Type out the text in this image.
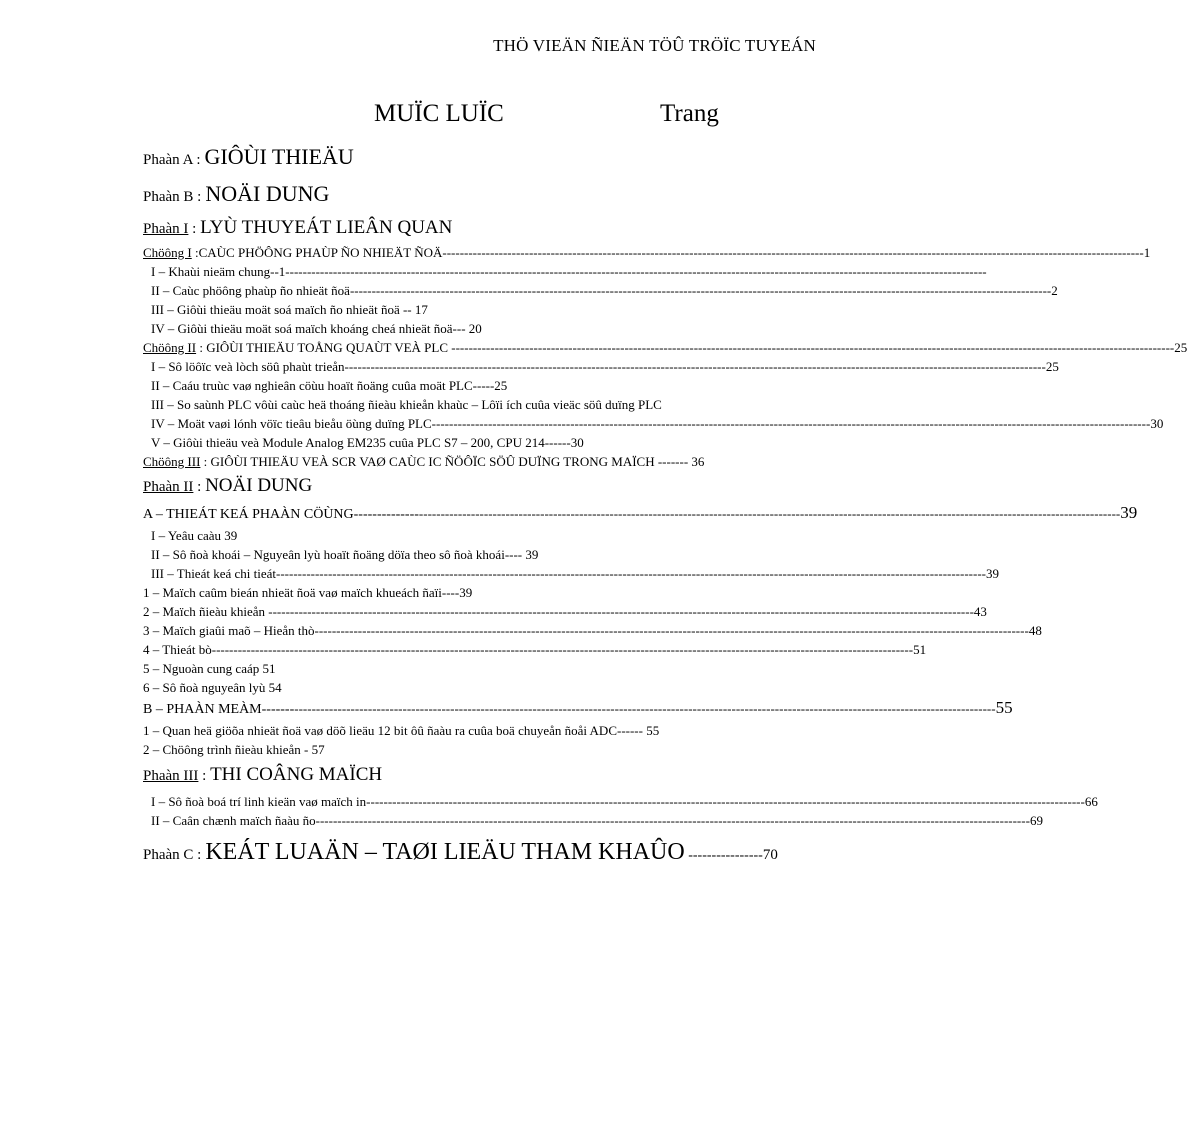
THÖ VIEÄN ÑIEÄN TÖÛ TRÖÏC TUYEÁN
MUÏC LUÏC	Trang
Phaàn A : GIÔÙI THIEÄU
Phaàn B : NOÄI DUNG
Phaàn I : LYÙ THUYEÁT LIEÂN QUAN
Chöông I :CAÙC PHÖÔNG PHAÙP ÑO NHIEÄT ÑOÄ ------------------------------------------------------------------------------------------------------------------------------------------------------------------ 1
I – Khaùi nieäm chung--1 ------------------------------------------------------------------------------------------------------------------------------------------------------------------
II – Caùc phöông phaùp ño nhieät ñoä ------------------------------------------------------------------------------------------------------------------------------------------------------------------ 2
III – Giôùi thieäu moät soá maïch ño nhieät ñoä -- 17
IV – Giôùi thieäu moät soá maïch khoáng cheá nhieät ñoä--- 20
Chöông II : GIÔÙI THIEÄU TOÅNG QUAÙT VEÀ PLC ----- ------------------------------------------------------------------------------------------------------------------------------------------------------------------ 25
I – Sô löôïc veà lòch söû phaùt trieån ------------------------------------------------------------------------------------------------------------------------------------------------------------------ 25
II – Caáu truùc vaø nghieân cöùu hoaït ñoäng cuûa moät PLC-----25
III – So saùnh PLC vôùi caùc heä thoáng ñieàu khieån khaùc – Lôïi ích cuûa vieäc söû duïng PLC
IV – Moät vaøi lónh vöïc tieâu bieåu öùng duïng PLC---- ------------------------------------------------------------------------------------------------------------------------------------------------------------------ 30
V – Giôùi thieäu veà Module Analog EM235 cuûa PLC S7 – 200, CPU 214------30
Chöông III : GIÔÙI THIEÄU VEÀ SCR VAØ CAÙC IC ÑÖÔÏC SÖÛ DUÏNG TRONG MAÏCH ------- 36
Phaàn II : NOÄI DUNG
A – THIEÁT KEÁ PHAÀN CÖÙNG-------------- ------------------------------------------------------------------------------------------------------------------------------------------------------------------ 39
I – Yeâu caàu 39
II – Sô ñoà khoái – Nguyeân lyù hoaït ñoäng döïa theo sô ñoà khoái---- 39
III – Thieát keá chi tieát-- ------------------------------------------------------------------------------------------------------------------------------------------------------------------ 39
1 – Maïch caûm bieán nhieät ñoä vaø maïch khueách ñaïi----39
2 – Maïch ñieàu khieån - ------------------------------------------------------------------------------------------------------------------------------------------------------------------ 43
3 – Maïch giaûi maõ – Hieån thò--- ------------------------------------------------------------------------------------------------------------------------------------------------------------------ 48
4 – Thieát bò ------------------------------------------------------------------------------------------------------------------------------------------------------------------ 51
5 – Nguoàn cung caáp 51
6 – Sô ñoà nguyeân lyù 54
B – PHAÀN MEÀM------- ------------------------------------------------------------------------------------------------------------------------------------------------------------------ 55
1 – Quan heä giöõa nhieät ñoä vaø döõ lieäu 12 bit ôû ñaàu ra cuûa boä chuyeån ñoåi ADC------ 55
2 – Chöông trình ñieàu khieån - 57
Phaàn III : THI COÂNG MAÏCH
I – Sô ñoà boá trí linh kieän vaø maïch in---- ------------------------------------------------------------------------------------------------------------------------------------------------------------------ 66
II – Caân chænh maïch ñaàu ño--- ------------------------------------------------------------------------------------------------------------------------------------------------------------------ 69
Phaàn C : KEÁT LUAÄN – TAØI LIEÄU THAM KHAÛO ---------------- 70
